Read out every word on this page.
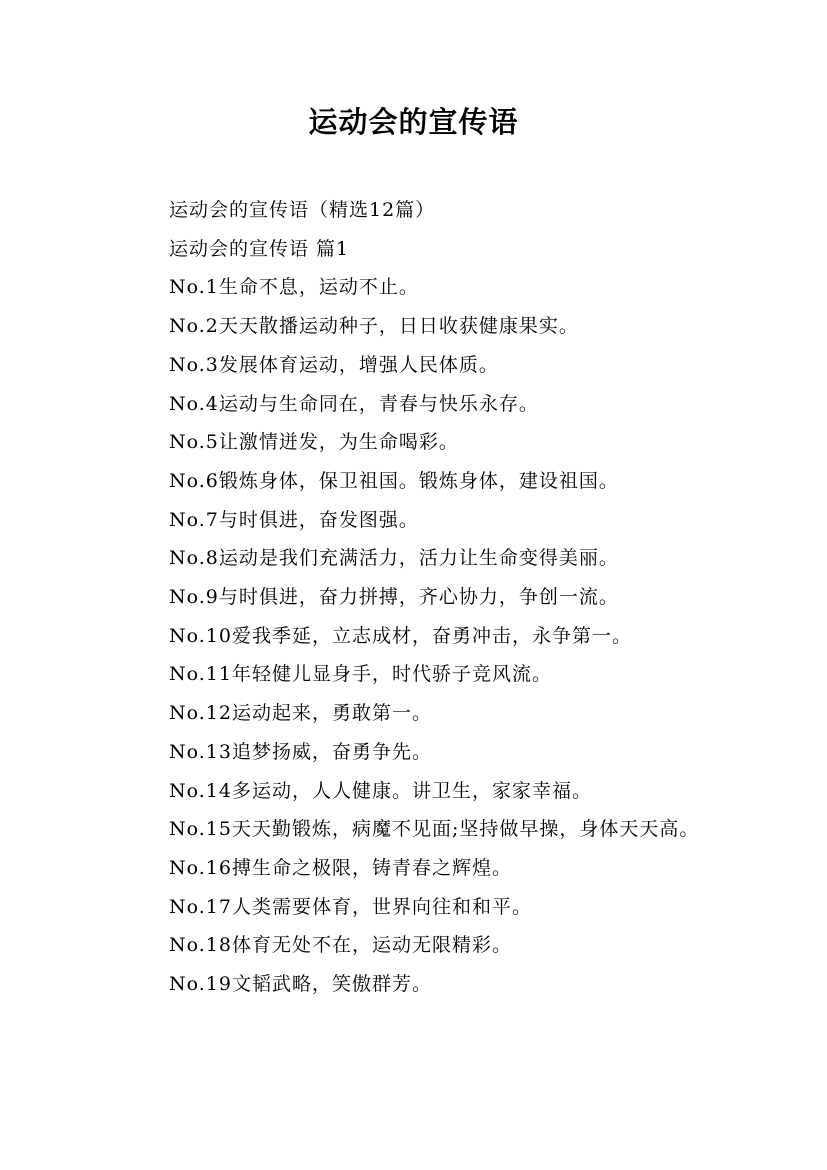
运动会的宣传语

运动会的宣传语（精选12篇）

运动会的宣传语 篇1

No.1生命不息，运动不止。

No.2天天散播运动种子，日日收获健康果实。

No.3发展体育运动，增强人民体质。

No.4运动与生命同在，青春与快乐永存。

No.5让激情迸发，为生命喝彩。

No.6锻炼身体，保卫祖国。锻炼身体，建设祖国。

No.7与时俱进，奋发图强。

No.8运动是我们充满活力，活力让生命变得美丽。

No.9与时俱进，奋力拼搏，齐心协力，争创一流。

No.10爱我季延，立志成材，奋勇冲击，永争第一。

No.11年轻健儿显身手，时代骄子竞风流。

No.12运动起来，勇敢第一。

No.13追梦扬威，奋勇争先。

No.14多运动，人人健康。讲卫生，家家幸福。

No.15天天勤锻炼，病魔不见面;坚持做早操，身体天天高。

No.16搏生命之极限，铸青春之辉煌。

No.17人类需要体育，世界向往和和平。

No.18体育无处不在，运动无限精彩。

No.19文韬武略，笑傲群芳。
